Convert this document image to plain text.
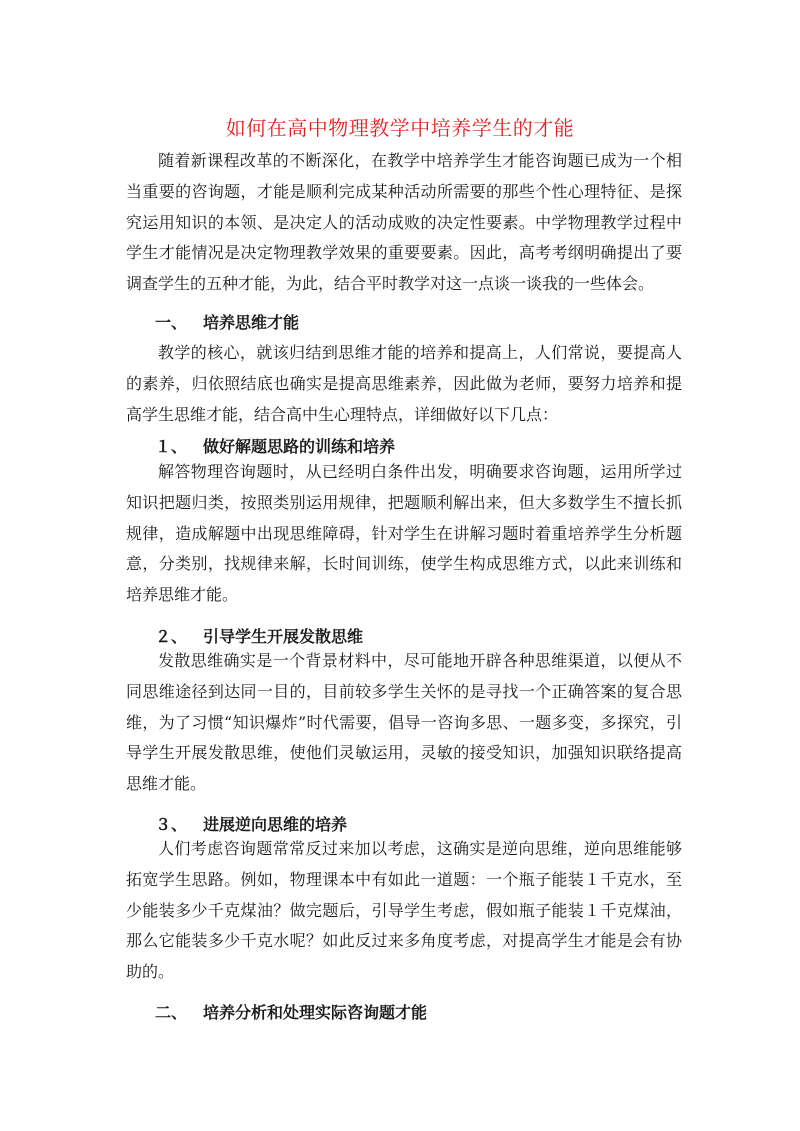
如何在高中物理教学中培养学生的才能

随着新课程改革的不断深化，在教学中培养学生才能咨询题已成为一个相当重要的咨询题，才能是顺利完成某种活动所需要的那些个性心理特征、是探究运用知识的本领、是决定人的活动成败的决定性要素。中学物理教学过程中学生才能情况是决定物理教学效果的重要要素。因此，高考考纲明确提出了要调查学生的五种才能，为此，结合平时教学对这一点谈一谈我的一些体会。

一、 培养思维才能

教学的核心，就该归结到思维才能的培养和提高上，人们常说，要提高人的素养，归依照结底也确实是提高思维素养，因此做为老师，要努力培养和提高学生思维才能，结合高中生心理特点，详细做好以下几点：

１、 做好解题思路的训练和培养

解答物理咨询题时，从已经明白条件出发，明确要求咨询题，运用所学过知识把题归类，按照类别运用规律，把题顺利解出来，但大多数学生不擅长抓规律，造成解题中出现思维障碍，针对学生在讲解习题时着重培养学生分析题意，分类别，找规律来解，长时间训练，使学生构成思维方式，以此来训练和培养思维才能。

２、 引导学生开展发散思维

发散思维确实是一个背景材料中，尽可能地开辟各种思维渠道，以便从不同思维途径到达同一目的，目前较多学生关怀的是寻找一个正确答案的复合思维，为了习惯“知识爆炸”时代需要，倡导一咨询多思、一题多变，多探究，引导学生开展发散思维，使他们灵敏运用，灵敏的接受知识，加强知识联络提高思维才能。

３、 进展逆向思维的培养

人们考虑咨询题常常反过来加以考虑，这确实是逆向思维，逆向思维能够拓宽学生思路。例如，物理课本中有如此一道题：一个瓶子能装１千克水，至少能装多少千克煤油？做完题后，引导学生考虑，假如瓶子能装１千克煤油，那么它能装多少千克水呢？如此反过来多角度考虑，对提高学生才能是会有协助的。

二、 培养分析和处理实际咨询题才能
